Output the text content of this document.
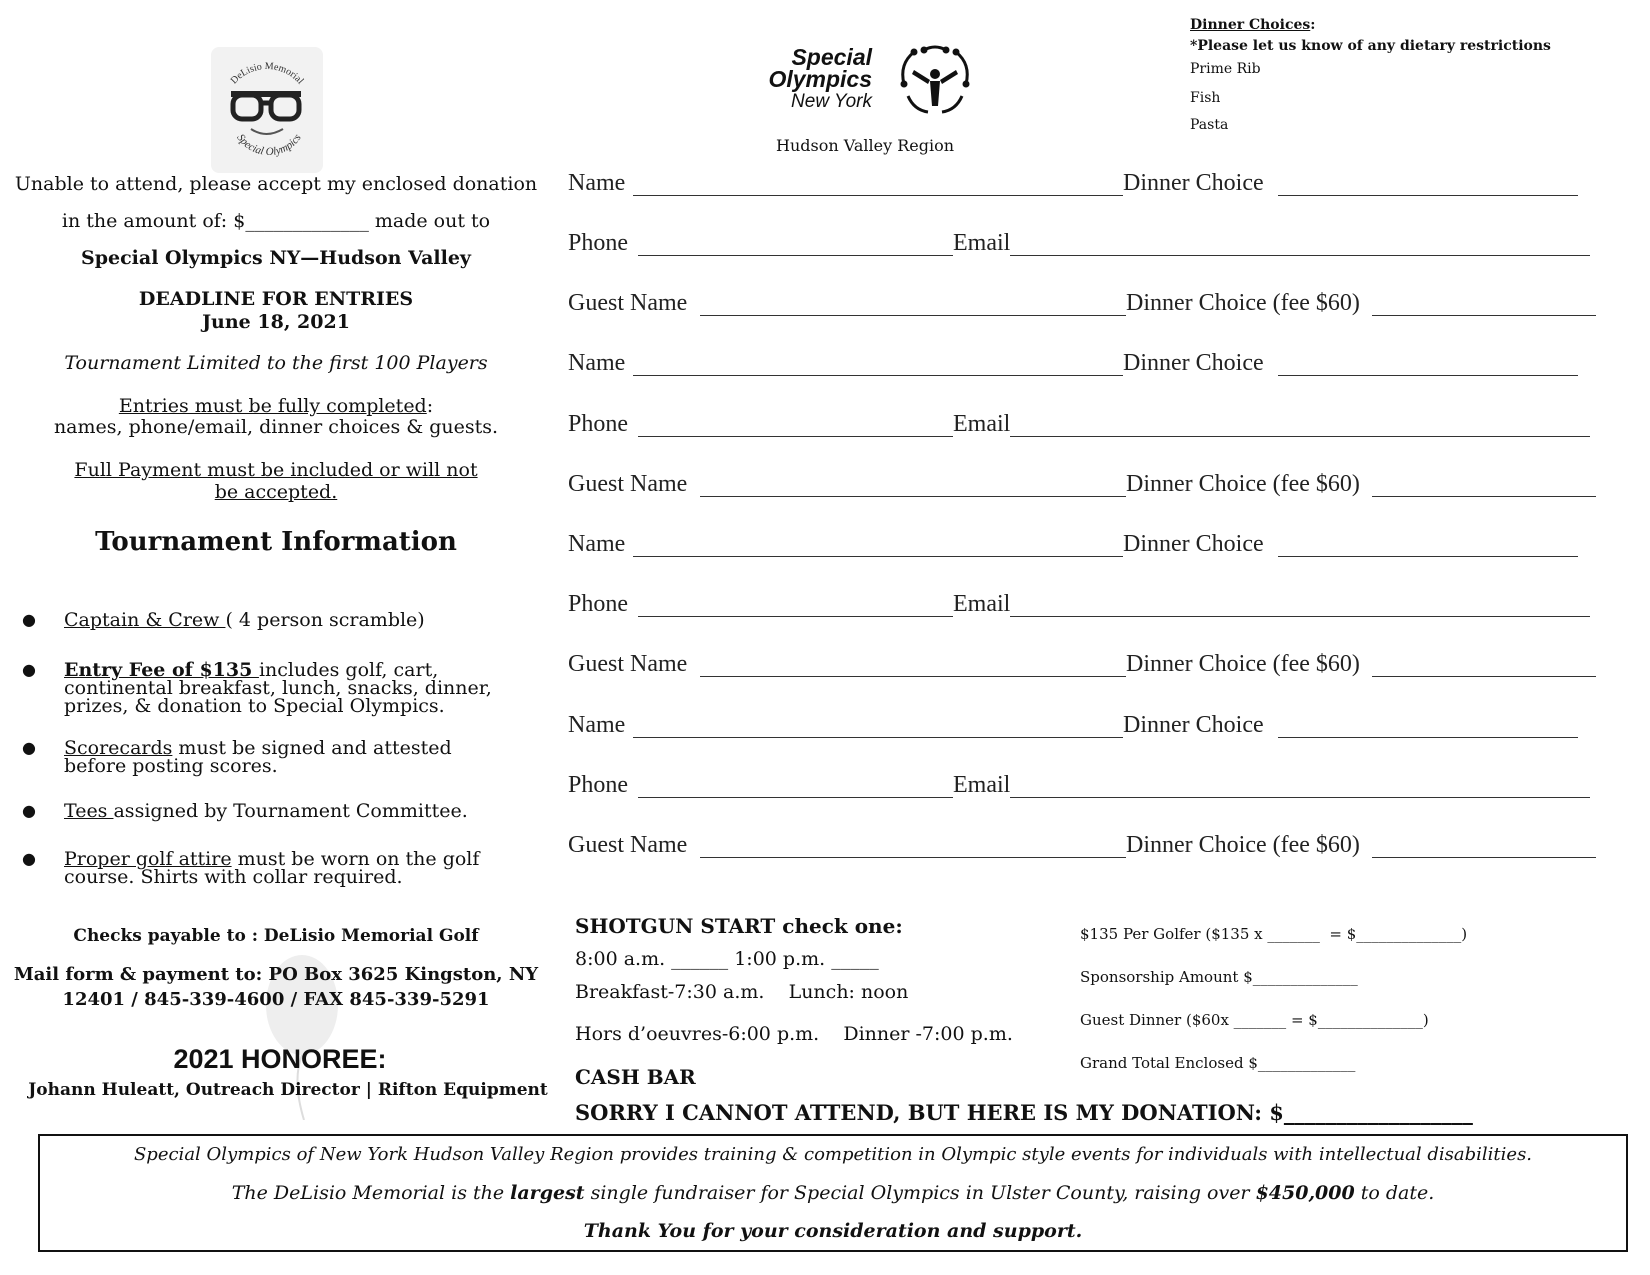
DeLisio Memorial
Special Olympics
Unable to attend, please accept my enclosed donation
in the amount of: $_____________ made out to
Special Olympics NY—Hudson Valley
DEADLINE FOR ENTRIES
June 18, 2021
Tournament Limited to the first 100 Players
Entries must be fully completed:
names, phone/email, dinner choices & guests.
Full Payment must be included or will not be accepted.
Tournament Information
● Captain & Crew ( 4 person scramble)
● Entry Fee of $135 includes golf, cart, continental breakfast, lunch, snacks, dinner, prizes, & donation to Special Olympics.
● Scorecards must be signed and attested before posting scores.
● Tees assigned by Tournament Committee.
● Proper golf attire must be worn on the golf course. Shirts with collar required.
Checks payable to : DeLisio Memorial Golf
Mail form & payment to: PO Box 3625 Kingston, NY
12401 / 845-339-4600 / FAX 845-339-5291
2021 HONOREE:
Johann Huleatt, Outreach Director | Rifton Equipment
Special
Olympics
New York
Hudson Valley Region
Dinner Choices:
*Please let us know of any dietary restrictions
Prime Rib
Fish
Pasta
Name	Dinner Choice
Phone	Email
Guest Name	Dinner Choice (fee $60)
Name	Dinner Choice
Phone	Email
Guest Name	Dinner Choice (fee $60)
Name	Dinner Choice
Phone	Email
Guest Name	Dinner Choice (fee $60)
Name	Dinner Choice
Phone	Email
Guest Name	Dinner Choice (fee $60)
SHOTGUN START check one:
8:00 a.m. ______ 1:00 p.m. _____
Breakfast-7:30 a.m.    Lunch: noon
Hors d’oeuvres-6:00 p.m.    Dinner -7:00 p.m.
CASH BAR
SORRY I CANNOT ATTEND, BUT HERE IS MY DONATION: $__________________
$135 Per Golfer ($135 x _______  = $______________)
Sponsorship Amount $______________
Guest Dinner ($60x _______ = $______________)
Grand Total Enclosed $_____________
Special Olympics of New York Hudson Valley Region provides training & competition in Olympic style events for individuals with intellectual disabilities.
The DeLisio Memorial is the largest single fundraiser for Special Olympics in Ulster County, raising over $450,000 to date.
Thank You for your consideration and support.
